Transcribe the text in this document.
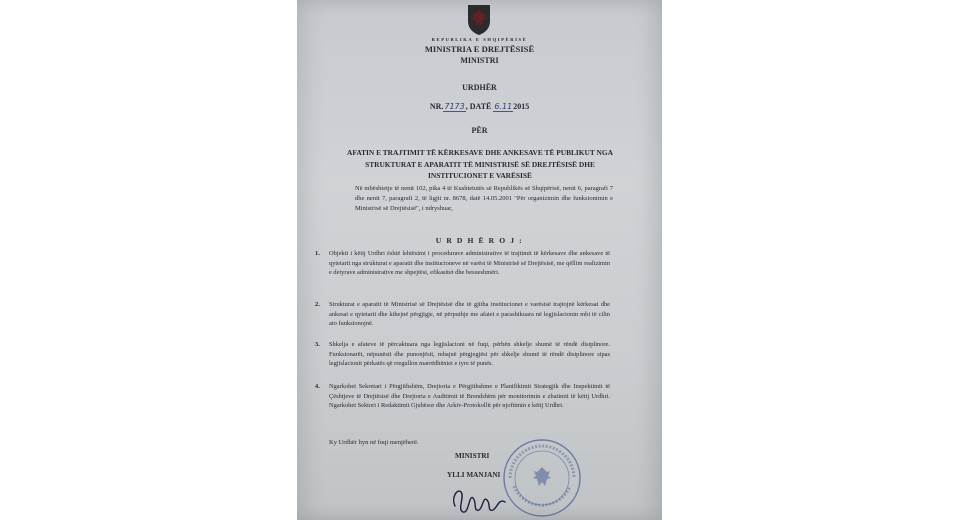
REPUBLIKA E SHQIPËRISË
MINISTRIA E DREJTËSISË
MINISTRI
URDHËR
NR.7173, DATË 6.112015
PËR
AFATIN E TRAJTIMIT TË KËRKESAVE DHE ANKESAVE TË PUBLIKUT NGA STRUKTURAT E APARATIT TË MINISTRISË SË DREJTËSISË DHE INSTITUCIONET E VARËSISË
Në mbështetje të nenit 102, pika 4 të Kushtetutës së Republikës së Shqipërisë, nenit 6, paragrafi 7 dhe nenit 7, paragrafi 2, të ligjit nr. 8678, datë 14.05.2001 "Për organizimin dhe funksionimin e Ministrisë së Drejtësisë", i ndryshuar,
U R D H Ë R O J :
1.	Objekti i këtij Urdhri është lehtësimi i procedurave administrative të trajtimit të kërkesave dhe ankesave të qytetarit nga strukturat e aparatit dhe institucioneve në varësi të Ministrisë së Drejtësisë, me qëllim realizimin e detyrave administrative me shpejtësi, efikasitet dhe besueshmëri.
2.	Strukturat e aparatit të Ministrisë së Drejtësisë dhe të gjitha institucionet e varësisë trajtojnë kërkesat dhe ankesat e qytetarit dhe kthejnë përgjigje, në përputhje me afatet e parashikuara në legjislacionin mbi të cilin ato funksionojnë.
3.	Shkelja e afateve të përcaktuara nga legjislacioni në fuqi, përbën shkelje shumë të rëndë disiplinore. Funksionarët, nëpunësit dhe punonjësit, mbajnë përgjegjësi për shkelje shumë të rëndë disiplinore sipas legjislacionit përkatës që rregullon marrëdhëniet e tyre të punës.
4.	Ngarkohet Sekretari i Përgjithshëm, Drejtoria e Përgjithshme e Planifikimit Strategjik dhe Inspektimit të Çështjeve të Drejtësisë dhe Drejtoria e Auditimit të Brendshëm për monitorimin e zbatimit të këtij Urdhri. Ngarkohet Sektori i Redaktimit Gjuhësor dhe Arkiv-Protokollit për njoftimin e këtij Urdhri.
Ky Urdhër hyn në fuqi menjëherë.
MINISTRI
YLLI MANJANI
